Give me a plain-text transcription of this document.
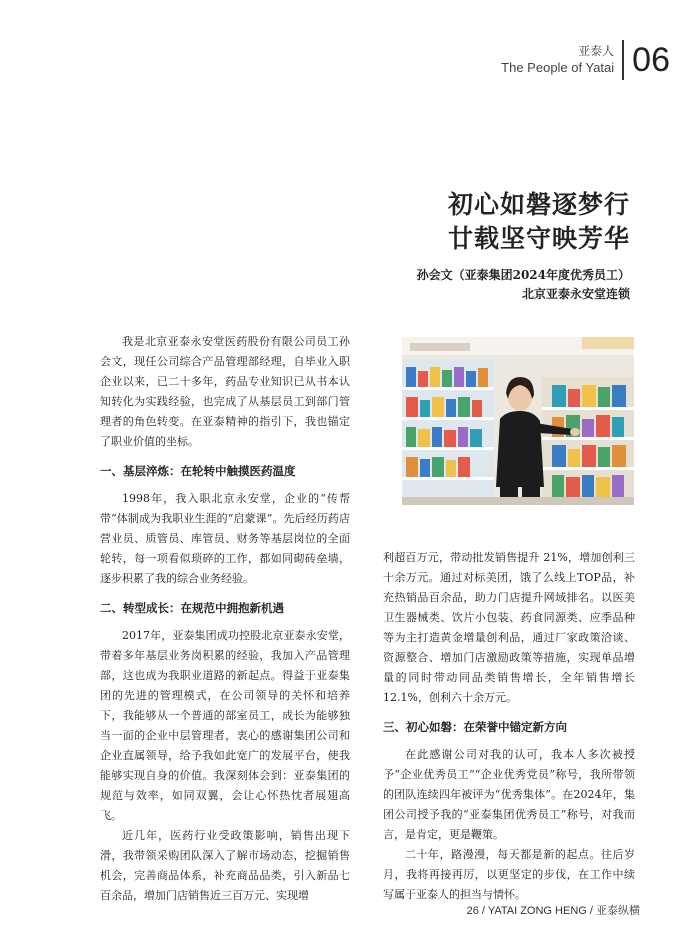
亚泰人
The People of Yatai 06
初心如磐逐梦行
廿载坚守映芳华
孙会文（亚泰集团2024年度优秀员工）
北京亚泰永安堂连锁

我是北京亚泰永安堂医药股份有限公司员工孙会文，现任公司综合产品管理部经理，自毕业入职企业以来，已二十多年，药品专业知识已从书本认知转化为实践经验，也完成了从基层员工到部门管理者的角色转变。在亚泰精神的指引下，我也锚定了职业价值的坐标。

一、基层淬炼：在轮转中触摸医药温度

1998年，我入职北京永安堂，企业的“传帮带”体制成为我职业生涯的“启蒙课”。先后经历药店营业员、质管员、库管员、财务等基层岗位的全面轮转，每一项看似琐碎的工作，都如同砌砖垒墙，逐步积累了我的综合业务经验。

二、转型成长：在规范中拥抱新机遇

2017年，亚泰集团成功控股北京亚泰永安堂，带着多年基层业务岗积累的经验，我加入产品管理部，这也成为我职业道路的新起点。得益于亚泰集团的先进的管理模式，在公司领导的关怀和培养下，我能够从一个普通的部室员工，成长为能够独当一面的企业中层管理者，衷心的感谢集团公司和企业直属领导，给予我如此宽广的发展平台，使我能够实现自身的价值。我深刻体会到：亚泰集团的规范与效率，如同双翼，会让心怀热忱者展翅高飞。

近几年，医药行业受政策影响，销售出现下滑，我带领采购团队深入了解市场动态，挖掘销售机会，完善商品体系，补充商品品类，引入新品七百余品，增加门店销售近三百万元、实现增

利超百万元，带动批发销售提升 21%，增加创利三十余万元。通过对标美团，饿了么线上TOP品，补充热销品百余品，助力门店提升网域排名。以医美卫生器械类、饮片小包装、药食同源类、应季品种等为主打造黄金增量创利品，通过厂家政策洽谈、资源整合、增加门店激励政策等措施，实现单品增量的同时带动同品类销售增长，全年销售增长 12.1%，创利六十余万元。

三、初心如磐：在荣誉中锚定新方向

在此感谢公司对我的认可，我本人多次被授予“企业优秀员工”“企业优秀党员”称号，我所带领的团队连续四年被评为“优秀集体”。在2024年，集团公司授予我的“亚泰集团优秀员工”称号，对我而言，是肯定，更是鞭策。

二十年，路漫漫，每天都是新的起点。往后岁月，我将再接再厉，以更坚定的步伐，在工作中续写属于亚泰人的担当与情怀。

26 / YATAI ZONG HENG / 亚泰纵横
